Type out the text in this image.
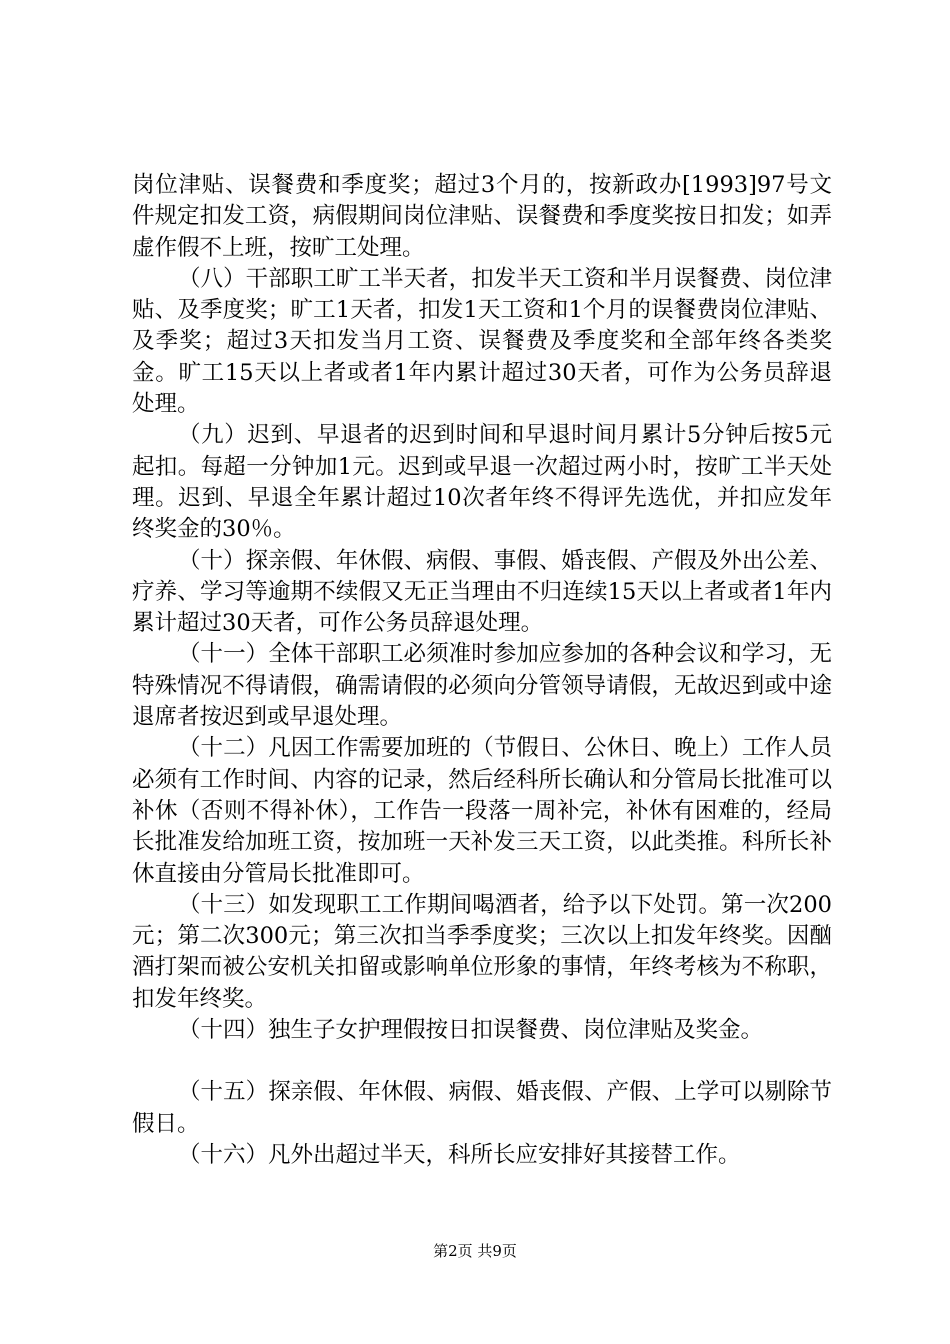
岗位津贴、误餐费和季度奖；超过3个月的，按新政办[1993]97号文件规定扣发工资，病假期间岗位津贴、误餐费和季度奖按日扣发；如弄虚作假不上班，按旷工处理。

（八）干部职工旷工半天者，扣发半天工资和半月误餐费、岗位津贴、及季度奖；旷工1天者，扣发1天工资和1个月的误餐费岗位津贴、及季奖；超过3天扣发当月工资、误餐费及季度奖和全部年终各类奖金。旷工15天以上者或者1年内累计超过30天者，可作为公务员辞退处理。

（九）迟到、早退者的迟到时间和早退时间月累计5分钟后按5元起扣。每超一分钟加1元。迟到或早退一次超过两小时，按旷工半天处理。迟到、早退全年累计超过10次者年终不得评先选优，并扣应发年终奖金的30％。

（十）探亲假、年休假、病假、事假、婚丧假、产假及外出公差、疗养、学习等逾期不续假又无正当理由不归连续15天以上者或者1年内累计超过30天者，可作公务员辞退处理。

（十一）全体干部职工必须准时参加应参加的各种会议和学习，无特殊情况不得请假，确需请假的必须向分管领导请假，无故迟到或中途退席者按迟到或早退处理。

（十二）凡因工作需要加班的（节假日、公休日、晚上）工作人员必须有工作时间、内容的记录，然后经科所长确认和分管局长批准可以补休（否则不得补休），工作告一段落一周补完，补休有困难的，经局长批准发给加班工资，按加班一天补发三天工资，以此类推。科所长补休直接由分管局长批准即可。

（十三）如发现职工工作期间喝酒者，给予以下处罚。第一次200元；第二次300元；第三次扣当季季度奖；三次以上扣发年终奖。因酗酒打架而被公安机关扣留或影响单位形象的事情，年终考核为不称职，扣发年终奖。

（十四）独生子女护理假按日扣误餐费、岗位津贴及奖金。

（十五）探亲假、年休假、病假、婚丧假、产假、上学可以剔除节假日。

（十六）凡外出超过半天，科所长应安排好其接替工作。

第2页 共9页
